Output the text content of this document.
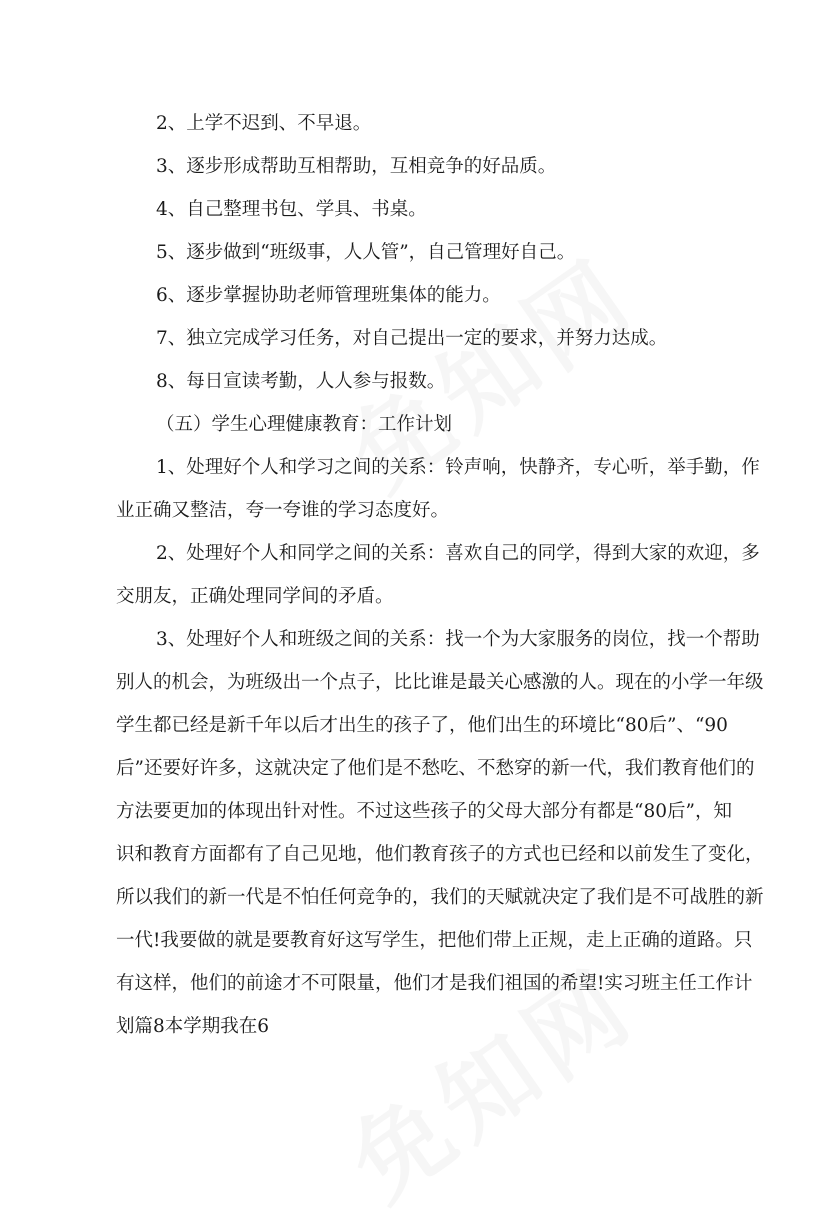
2、上学不迟到、不早退。
3、逐步形成帮助互相帮助，互相竞争的好品质。
4、自己整理书包、学具、书桌。
5、逐步做到“班级事，人人管”，自己管理好自己。
6、逐步掌握协助老师管理班集体的能力。
7、独立完成学习任务，对自己提出一定的要求，并努力达成。
8、每日宣读考勤，人人参与报数。
（五）学生心理健康教育：工作计划
1、处理好个人和学习之间的关系：铃声响，快静齐，专心听，举手勤，作
业正确又整洁，夸一夸谁的学习态度好。
2、处理好个人和同学之间的关系：喜欢自己的同学，得到大家的欢迎，多
交朋友，正确处理同学间的矛盾。
3、处理好个人和班级之间的关系：找一个为大家服务的岗位，找一个帮助
别人的机会，为班级出一个点子，比比谁是最关心感激的人。现在的小学一年级
学生都已经是新千年以后才出生的孩子了，他们出生的环境比“80后”、“90
后”还要好许多，这就决定了他们是不愁吃、不愁穿的新一代，我们教育他们的
方法要更加的体现出针对性。不过这些孩子的父母大部分有都是“80后”，知
识和教育方面都有了自己见地，他们教育孩子的方式也已经和以前发生了变化，
所以我们的新一代是不怕任何竞争的，我们的天赋就决定了我们是不可战胜的新
一代!我要做的就是要教育好这写学生，把他们带上正规，走上正确的道路。只
有这样，他们的前途才不可限量，他们才是我们祖国的希望!实习班主任工作计
划篇8本学期我在6
